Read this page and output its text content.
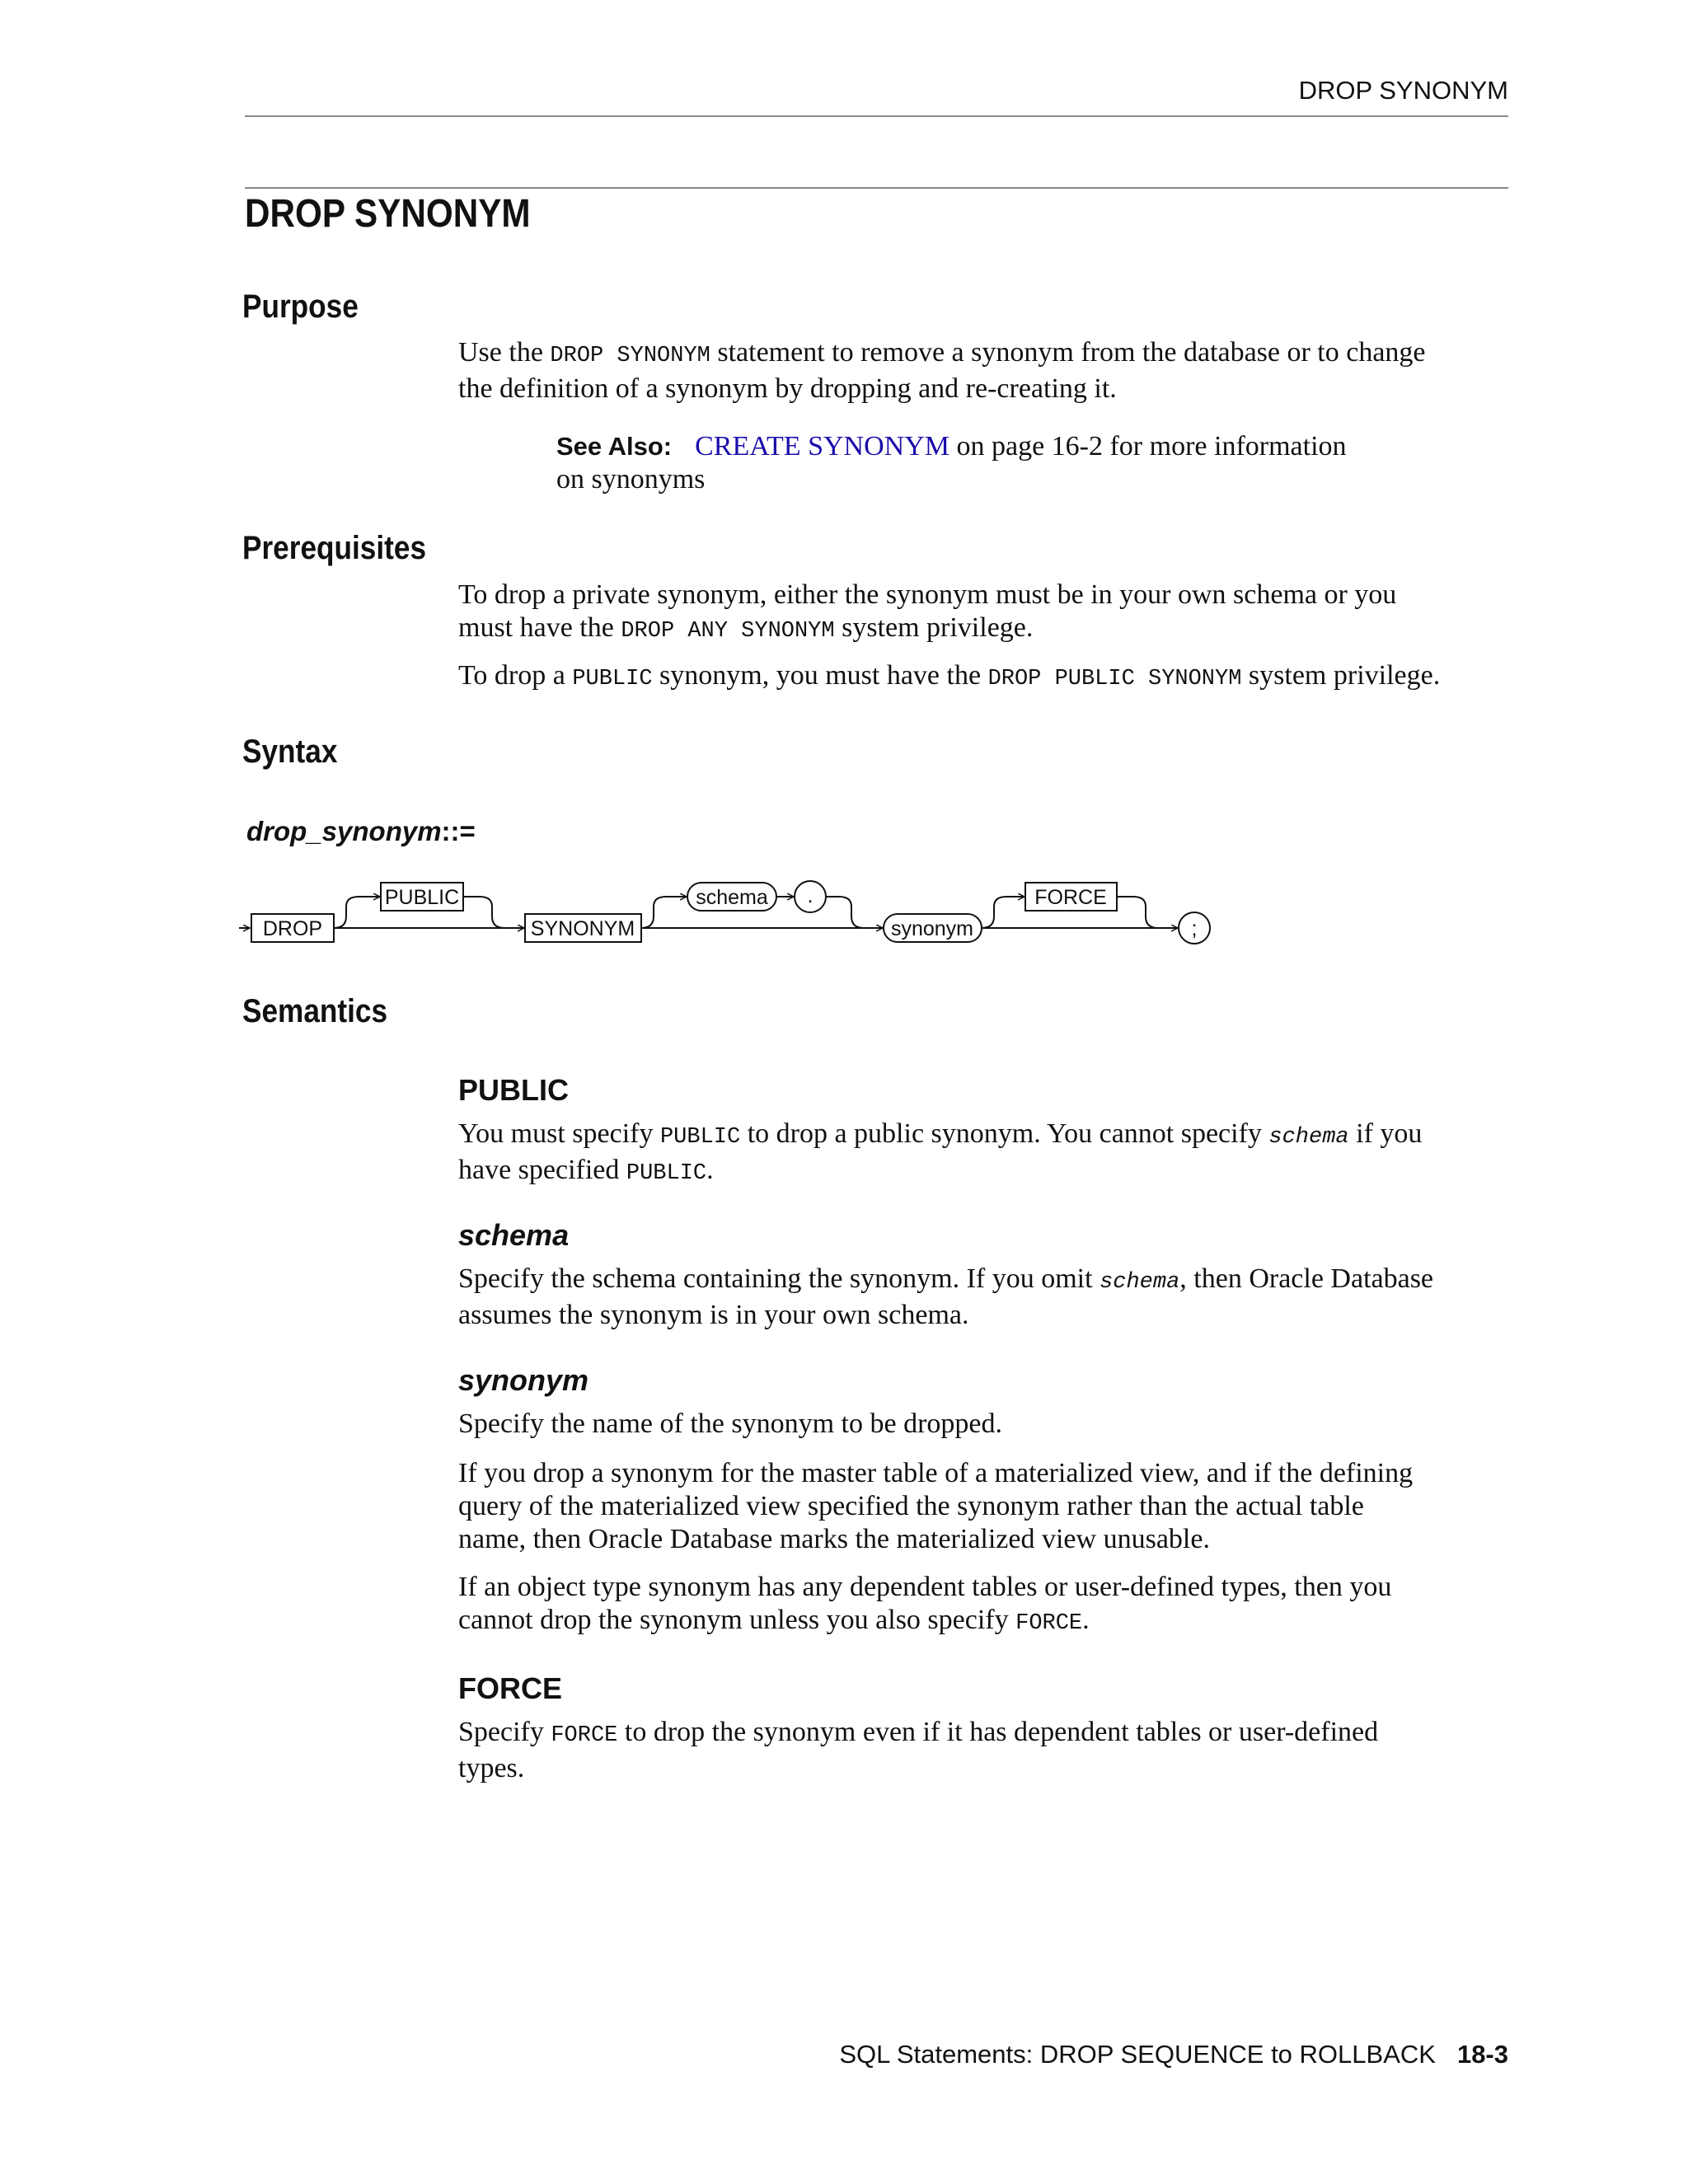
DROP SYNONYM
DROP SYNONYM
Purpose

Use the DROP SYNONYM statement to remove a synonym from the database or to change

the definition of a synonym by dropping and re-creating it.

See Also: CREATE SYNONYM on page 16-2 for more information
on synonyms
Prerequisites

To drop a private synonym, either the synonym must be in your own schema or you

must have the DROP ANY SYNONYM system privilege.

To drop a PUBLIC synonym, you must have the DROP PUBLIC SYNONYM system privilege.

Syntax
drop_synonym::=
DROP
PUBLIC
SYNONYM
schema .
synonym
FORCE
;
Semantics
PUBLIC

You must specify PUBLIC to drop a public synonym. You cannot specify schema if you

have specified PUBLIC.

schema

Specify the schema containing the synonym. If you omit schema, then Oracle Database

assumes the synonym is in your own schema.

synonym

Specify the name of the synonym to be dropped.

If you drop a synonym for the master table of a materialized view, and if the defining

query of the materialized view specified the synonym rather than the actual table

name, then Oracle Database marks the materialized view unusable.

If an object type synonym has any dependent tables or user-defined types, then you

cannot drop the synonym unless you also specify FORCE.

FORCE

Specify FORCE to drop the synonym even if it has dependent tables or user-defined

types.

SQL Statements: DROP SEQUENCE to ROLLBACK 18-3
